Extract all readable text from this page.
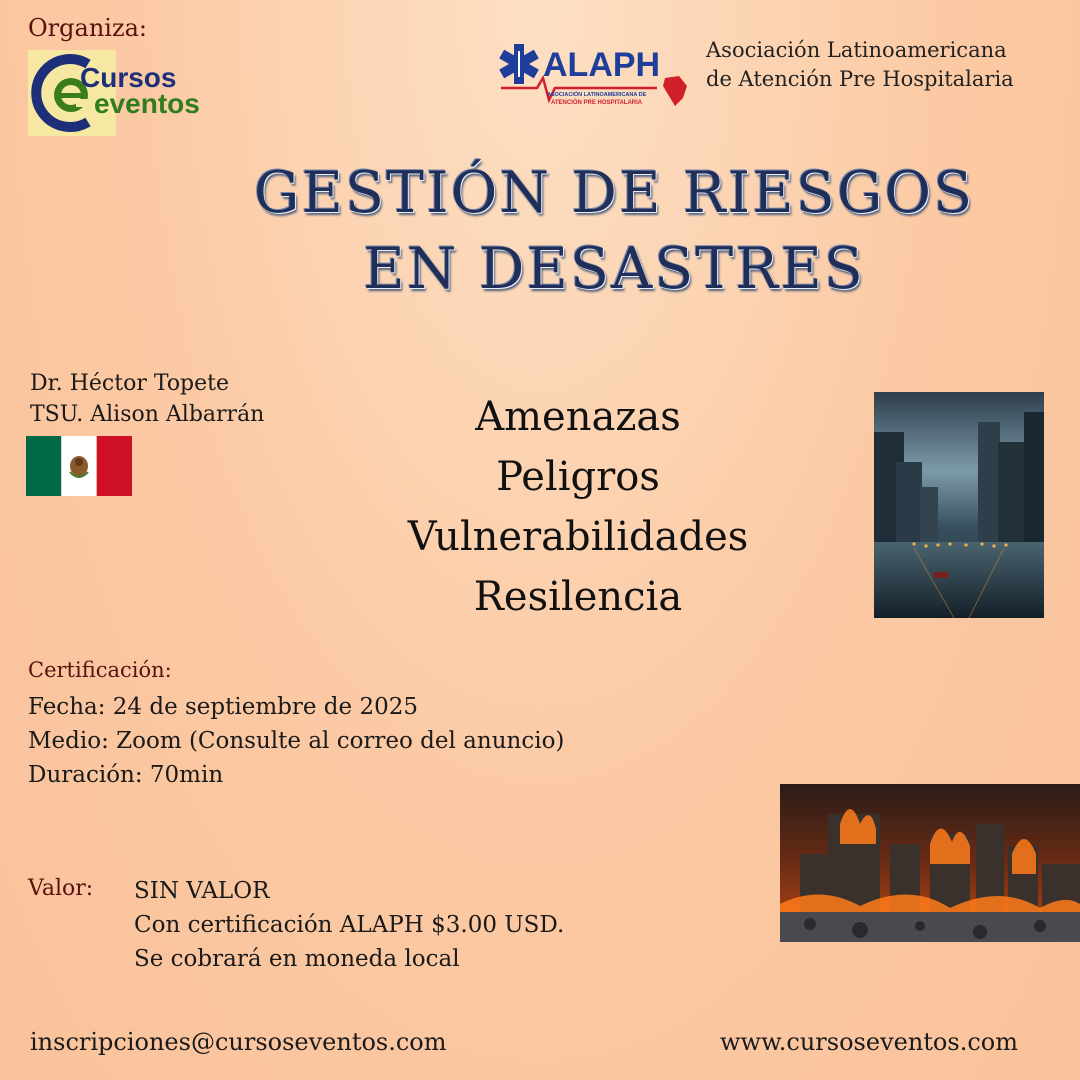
Organiza:
Cursos
eventos
ALAPH
ASOCIACIÓN LATINOAMERICANA DE
ATENCIÓN PRE HOSPITALARIA
Asociación Latinoamericana
de Atención Pre Hospitalaria
GESTIÓN DE RIESGOS
EN DESASTRES
Dr. Héctor Topete
TSU. Alison Albarrán	Amenazas
Peligros
Vulnerabilidades
Resilencia
Certificación:
Fecha: 24 de septiembre de 2025
Medio: Zoom (Consulte al correo del anuncio)
Duración: 70min
Valor: SIN VALOR
Con certificación ALAPH $3.00 USD.
Se cobrará en moneda local
inscripciones@cursoseventos.com	www.cursoseventos.com
